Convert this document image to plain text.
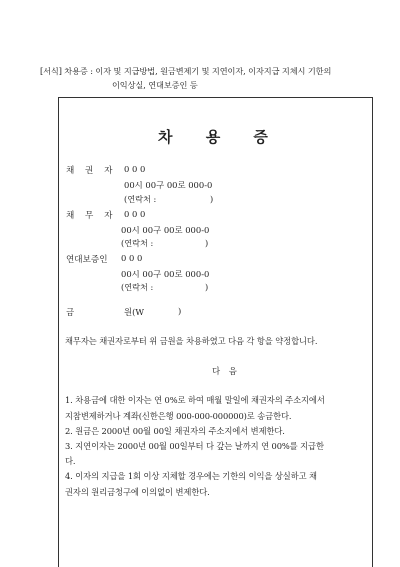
[서식] 차용증 : 이자 및 지급방법, 원금변제기 및 지연이자, 이자지급 지체시 기한의
이익상실, 연대보증인 등
차 용 증
채 권 자 0 0 0
00시 00구 00로 000-0
(연락처 :	)
채 무 자 0 0 0
00시 00구 00로 000-0
(연락처 :	)
연대보증인 0 0 0
00시 00구 00로 000-0
(연락처 :	)
금	원(W	)
채무자는 채권자로부터 위 금원을 차용하였고 다음 각 항을 약정합니다.
다 음
1. 차용금에 대한 이자는 연 0%로 하여 매월 말일에 채권자의 주소지에서
지참변제하거나 계좌(신한은행 000-000-000000)로 송금한다.
2. 원금은 2000년 00월 00일 채권자의 주소지에서 변제한다.
3. 지연이자는 2000년 00월 00일부터 다 갚는 날까지 연 00%를 지급한
다.
4. 이자의 지급을 1회 이상 지체할 경우에는 기한의 이익을 상실하고 채
권자의 원리금청구에 이의없이 변제한다.
